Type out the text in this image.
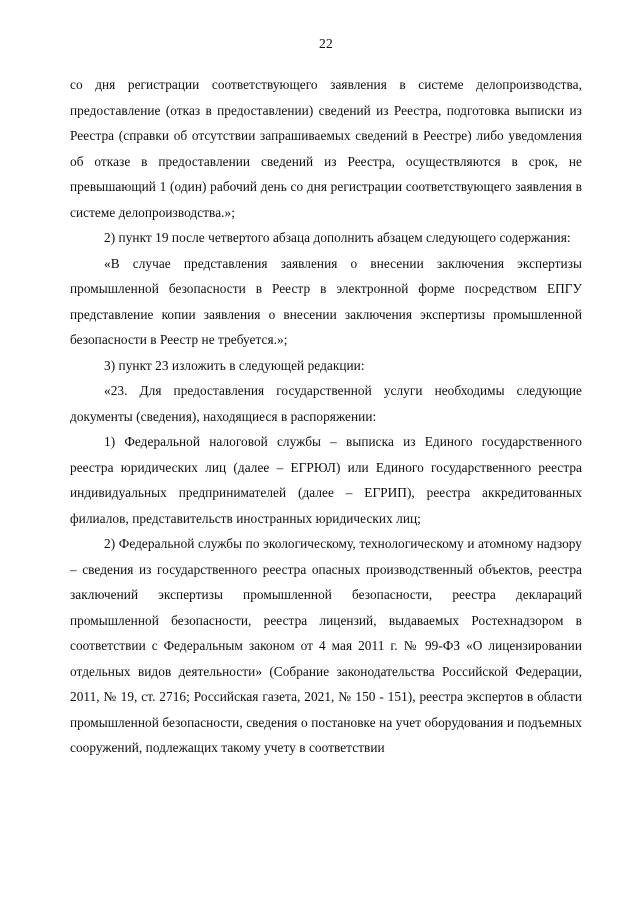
22

со дня регистрации соответствующего заявления в системе делопроизводства, предоставление (отказ в предоставлении) сведений из Реестра, подготовка выписки из Реестра (справки об отсутствии запрашиваемых сведений в Реестре) либо уведомления об отказе в предоставлении сведений из Реестра, осуществляются в срок, не превышающий 1 (один) рабочий день со дня регистрации соответствующего заявления в системе делопроизводства.»;

2) пункт 19 после четвертого абзаца дополнить абзацем следующего содержания:

«В случае представления заявления о внесении заключения экспертизы промышленной безопасности в Реестр в электронной форме посредством ЕПГУ представление копии заявления о внесении заключения экспертизы промышленной безопасности в Реестр не требуется.»;

3) пункт 23 изложить в следующей редакции:

«23. Для предоставления государственной услуги необходимы следующие документы (сведения), находящиеся в распоряжении:

1) Федеральной налоговой службы – выписка из Единого государственного реестра юридических лиц (далее – ЕГРЮЛ) или Единого государственного реестра индивидуальных предпринимателей (далее – ЕГРИП), реестра аккредитованных филиалов, представительств иностранных юридических лиц;

2) Федеральной службы по экологическому, технологическому и атомному надзору – сведения из государственного реестра опасных производственный объектов, реестра заключений экспертизы промышленной безопасности, реестра деклараций промышленной безопасности, реестра лицензий, выдаваемых Ростехнадзором в соответствии с Федеральным законом от 4 мая 2011 г. № 99-ФЗ «О лицензировании отдельных видов деятельности» (Собрание законодательства Российской Федерации, 2011, № 19, ст. 2716; Российская газета, 2021, № 150 - 151), реестра экспертов в области промышленной безопасности, сведения о постановке на учет оборудования и подъемных сооружений, подлежащих такому учету в соответствии
